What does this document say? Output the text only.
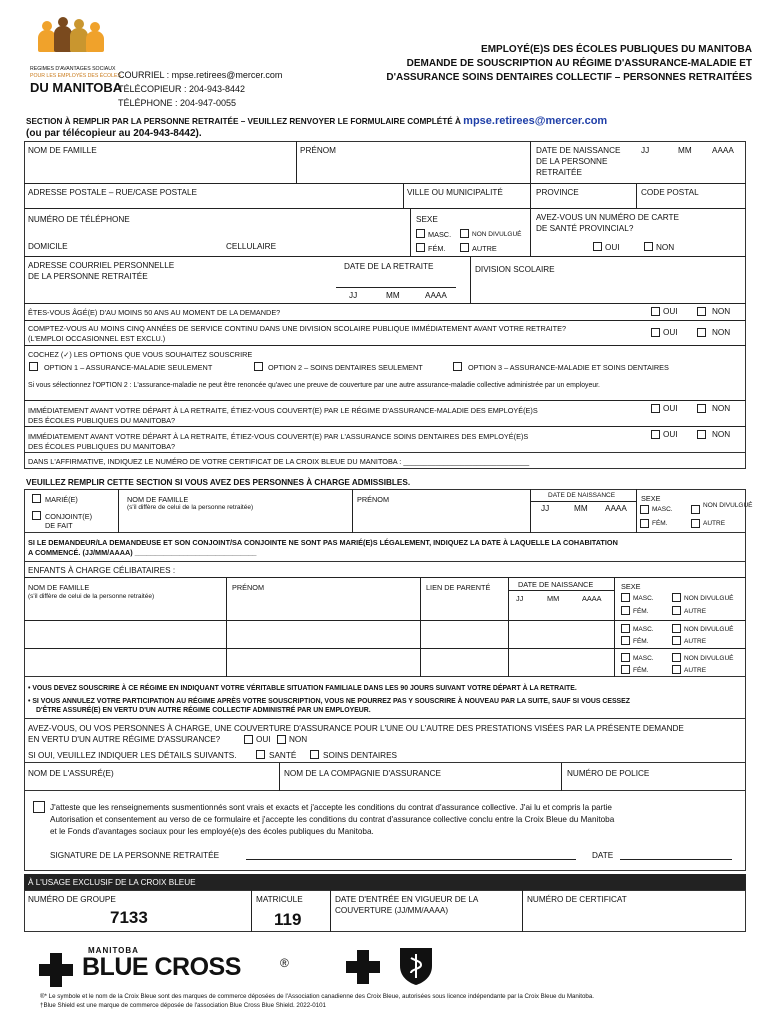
REGIMES D'AVANTAGES SOCIAUX
POUR LES EMPLOYÉS DES ÉCOLES
DU MANITOBA
COURRIEL : mpse.retirees@mercer.com
TÉLÉCOPIEUR : 204-943-8442
TÉLÉPHONE : 204-947-0055
EMPLOYÉ(E)S DES ÉCOLES PUBLIQUES DU MANITOBA
DEMANDE DE SOUSCRIPTION AU RÉGIME D'ASSURANCE-MALADIE ET
D'ASSURANCE SOINS DENTAIRES COLLECTIF – PERSONNES RETRAITÉES
SECTION À REMPLIR PAR LA PERSONNE RETRAITÉE – VEUILLEZ RENVOYER LE FORMULAIRE COMPLÉTÉ À mpse.retirees@mercer.com
(ou par télécopieur au 204-943-8442).
NOM DE FAMILLE	PRÉNOM	DATE DE NAISSANCE
DE LA PERSONNE
RETRAITÉE
JJ	MM AAAA
ADRESSE POSTALE – RUE/CASE POSTALE	VILLE OU MUNICIPALITÉ	PROVINCE	CODE POSTAL
NUMÉRO DE TÉLÉPHONE
DOMICILE	CELLULAIRE
SEXE
MASC.	NON DIVULGUÉ
FÉM.	AUTRE
AVEZ-VOUS UN NUMÉRO DE CARTE
DE SANTÉ PROVINCIAL?
OUI	NON
ADRESSE COURRIEL PERSONNELLE
DE LA PERSONNE RETRAITÉE
DATE DE LA RETRAITE
JJ	MM	AAAA
DIVISION SCOLAIRE
ÊTES-VOUS ÂGÉ(E) D'AU MOINS 50 ANS AU MOMENT DE LA DEMANDE?	OUI	NON
COMPTEZ-VOUS AU MOINS CINQ ANNÉES DE SERVICE CONTINU DANS UNE DIVISION SCOLAIRE PUBLIQUE IMMÉDIATEMENT AVANT VOTRE RETRAITE?
(L'EMPLOI OCCASIONNEL EST EXCLU.)
OUI	NON
COCHEZ (✓) LES OPTIONS QUE VOUS SOUHAITEZ SOUSCRIRE
OPTION 1 – ASSURANCE-MALADIE SEULEMENT	OPTION 2 – SOINS DENTAIRES SEULEMENT	OPTION 3 – ASSURANCE-MALADIE ET SOINS DENTAIRES
Si vous sélectionnez l'OPTION 2 : L'assurance-maladie ne peut être renoncée qu'avec une preuve de couverture par une autre assurance-maladie collective administrée par un employeur.
IMMÉDIATEMENT AVANT VOTRE DÉPART À LA RETRAITE, ÉTIEZ-VOUS COUVERT(E) PAR LE RÉGIME D'ASSURANCE-MALADIE DES EMPLOYÉ(E)S
DES ÉCOLES PUBLIQUES DU MANITOBA?
OUI	NON
IMMÉDIATEMENT AVANT VOTRE DÉPART À LA RETRAITE, ÉTIEZ-VOUS COUVERT(E) PAR L'ASSURANCE SOINS DENTAIRES DES EMPLOYÉ(E)S
DES ÉCOLES PUBLIQUES DU MANITOBA?
OUI	NON
DANS L'AFFIRMATIVE, INDIQUEZ LE NUMÉRO DE VOTRE CERTIFICAT DE LA CROIX BLEUE DU MANITOBA : _______________________________
VEUILLEZ REMPLIR CETTE SECTION SI VOUS AVEZ DES PERSONNES À CHARGE ADMISSIBLES.
MARIÉ(E)
CONJOINT(E)
DE FAIT
NOM DE FAMILLE
(s'il diffère de celui de la personne retraitée)
PRÉNOM	DATE DE NAISSANCE
JJ	MM AAAA
SEXE
MASC.
NON DIVULGUÉ
FÉM.	AUTRE
SI LE DEMANDEUR/LA DEMANDEUSE ET SON CONJOINT/SA CONJOINTE NE SONT PAS MARIÉ(E)S LÉGALEMENT, INDIQUEZ LA DATE À LAQUELLE LA COHABITATION
A COMMENCÉ. (JJ/MM/AAAA) ______________________________
ENFANTS À CHARGE CÉLIBATAIRES :
NOM DE FAMILLE
(s'il diffère de celui de la personne retraitée)
PRÉNOM	LIEN DE PARENTÉ	DATE DE NAISSANCE
JJ	MM	AAAA
SEXE
MASC.	NON DIVULGUÉ
FÉM.	AUTRE
MASC.	NON DIVULGUÉ
FÉM.	AUTRE
MASC.	NON DIVULGUÉ
FÉM.	AUTRE
• VOUS DEVEZ SOUSCRIRE À CE RÉGIME EN INDIQUANT VOTRE VÉRITABLE SITUATION FAMILIALE DANS LES 90 JOURS SUIVANT VOTRE DÉPART À LA RETRAITE.
• SI VOUS ANNULEZ VOTRE PARTICIPATION AU RÉGIME APRÈS VOTRE SOUSCRIPTION, VOUS NE POURREZ PAS Y SOUSCRIRE À NOUVEAU PAR LA SUITE, SAUF SI VOUS CESSEZ
D'ÊTRE ASSURÉ(E) EN VERTU D'UN AUTRE RÉGIME COLLECTIF ADMINISTRÉ PAR UN EMPLOYEUR.
AVEZ-VOUS, OU VOS PERSONNES À CHARGE, UNE COUVERTURE D'ASSURANCE POUR L'UNE OU L'AUTRE DES PRESTATIONS VISÉES PAR LA PRÉSENTE DEMANDE
EN VERTU D'UN AUTRE RÉGIME D'ASSURANCE?	OUI NON
SI OUI, VEUILLEZ INDIQUER LES DÉTAILS SUIVANTS.	SANTÉ	SOINS DENTAIRES
NOM DE L'ASSURÉ(E)	NOM DE LA COMPAGNIE D'ASSURANCE	NUMÉRO DE POLICE
J'atteste que les renseignements susmentionnés sont vrais et exacts et j'accepte les conditions du contrat d'assurance collective. J'ai lu et compris la partie
Autorisation et consentement au verso de ce formulaire et j'accepte les conditions du contrat d'assurance collective conclu entre la Croix Bleue du Manitoba
et le Fonds d'avantages sociaux pour les employé(e)s des écoles publiques du Manitoba.
SIGNATURE DE LA PERSONNE RETRAITÉE	DATE
À L'USAGE EXCLUSIF DE LA CROIX BLEUE
NUMÉRO DE GROUPE
7133
MATRICULE
119
DATE D'ENTRÉE EN VIGUEUR DE LA
COUVERTURE (JJ/MM/AAAA)
NUMÉRO DE CERTIFICAT
MANITOBA
BLUE CROSS	®
®* Le symbole et le nom de la Croix Bleue sont des marques de commerce déposées de l'Association canadienne des Croix Bleue, autorisées sous licence indépendante par la Croix Bleue du Manitoba.
†Blue Shield est une marque de commerce déposée de l'association Blue Cross Blue Shield. 2022-0101
